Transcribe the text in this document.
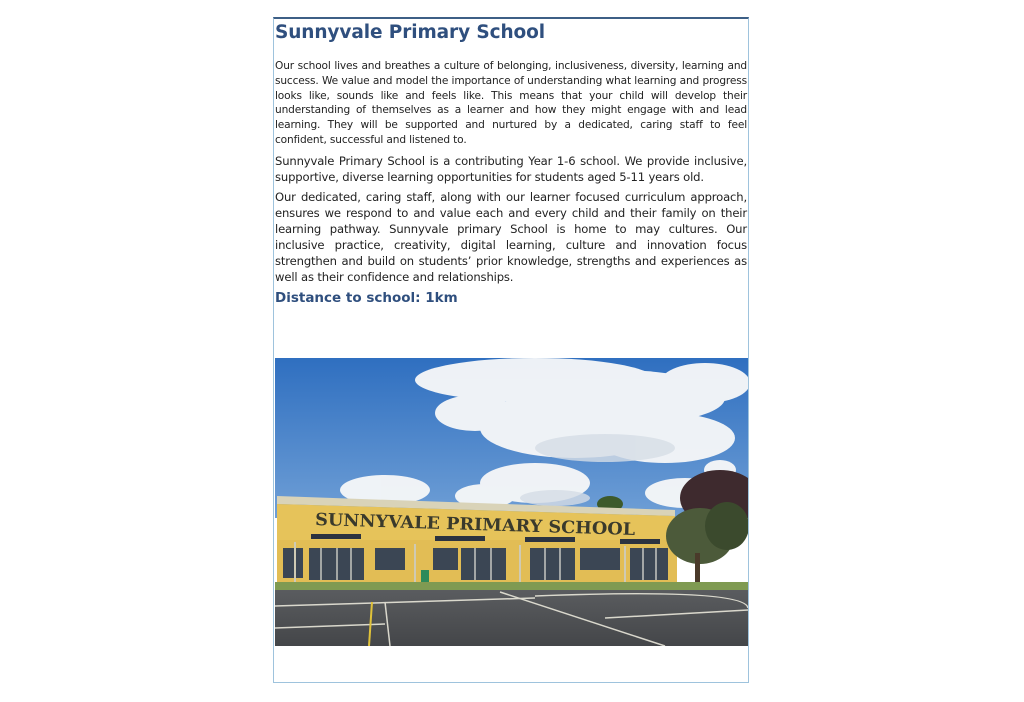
Sunnyvale Primary School

Our school lives and breathes a culture of belonging, inclusiveness, diversity, learning and success. We value and model the importance of understanding what learning and progress looks like, sounds like and feels like. This means that your child will develop their understanding of themselves as a learner and how they might engage with and lead learning. They will be supported and nurtured by a dedicated, caring staff to feel confident, successful and listened to.

Sunnyvale Primary School is a contributing Year 1-6 school. We provide inclusive, supportive, diverse learning opportunities for students aged 5-11 years old.

Our dedicated, caring staff, along with our learner focused curriculum approach, ensures we respond to and value each and every child and their family on their learning pathway. Sunnyvale primary School is home to may cultures. Our inclusive practice, creativity, digital learning, culture and innovation focus strengthen and build on students’ prior knowledge, strengths and experiences as well as their confidence and relationships.

Distance to school: 1km
SUNNYVALE PRIMARY SCHOOL
